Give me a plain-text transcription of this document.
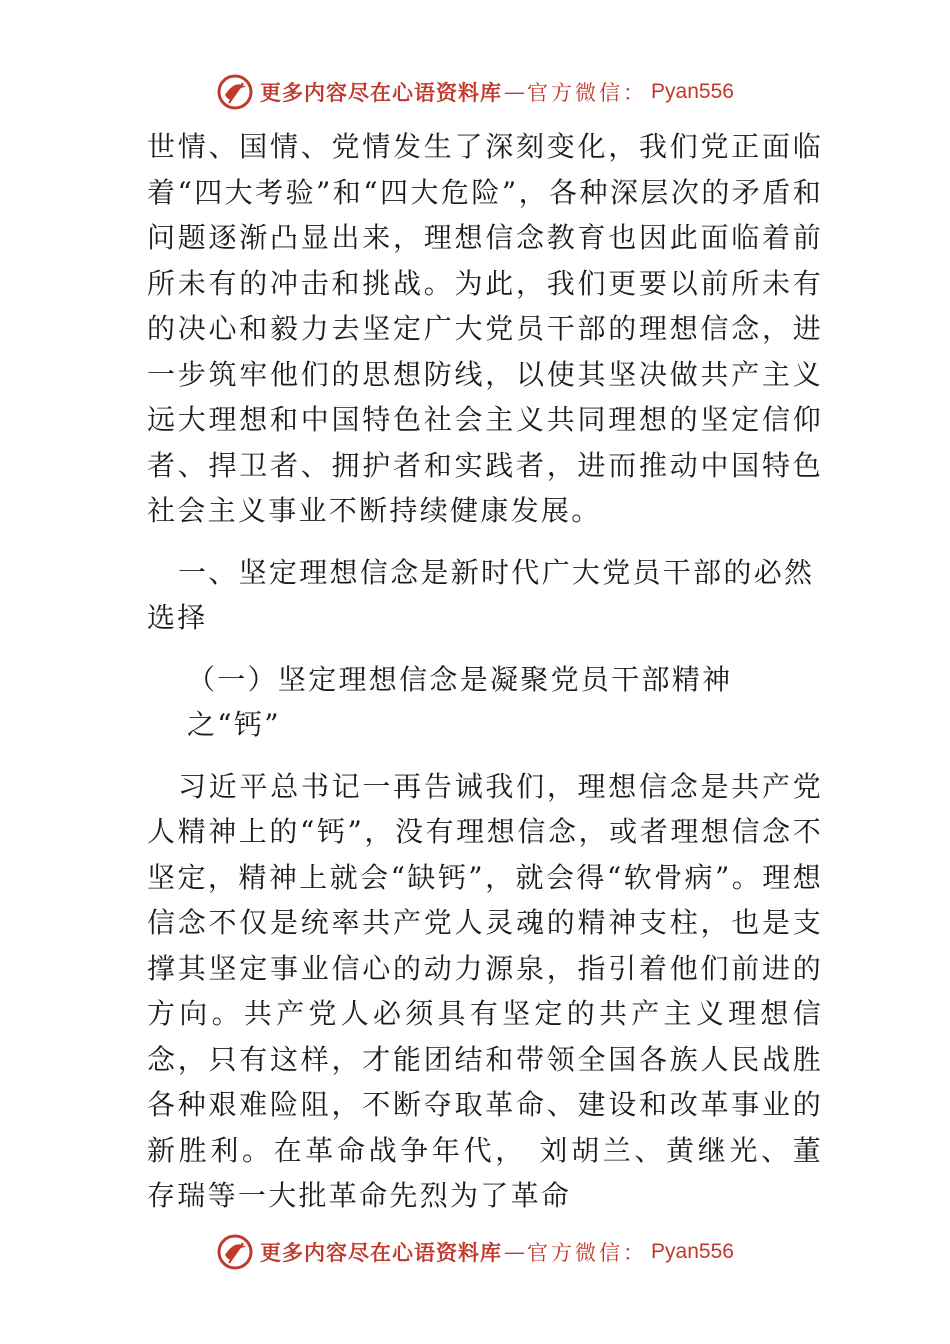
更多内容尽在心语资料库 — 官方微信： Pyan556

世情、国情、党情发生了深刻变化，我们党正面临着“四大考验”和“四大危险”，各种深层次的矛盾和问题逐渐凸显出来，理想信念教育也因此面临着前所未有的冲击和挑战。为此，我们更要以前所未有的决心和毅力去坚定广大党员干部的理想信念，进一步筑牢他们的思想防线，以使其坚决做共产主义远大理想和中国特色社会主义共同理想的坚定信仰者、捍卫者、拥护者和实践者，进而推动中国特色社会主义事业不断持续健康发展。

一、坚定理想信念是新时代广大党员干部的必然选择

（一）坚定理想信念是凝聚党员干部精神之“钙”

习近平总书记一再告诫我们，理想信念是共产党人精神上的“钙”，没有理想信念，或者理想信念不坚定，精神上就会“缺钙”，就会得“软骨病”。理想信念不仅是统率共产党人灵魂的精神支柱，也是支撑其坚定事业信心的动力源泉，指引着他们前进的方向。共产党人必须具有坚定的共产主义理想信念，只有这样，才能团结和带领全国各族人民战胜各种艰难险阻，不断夺取革命、建设和改革事业的新胜利。在革命战争年代， 刘胡兰、黄继光、董存瑞等一大批革命先烈为了革命

更多内容尽在心语资料库 — 官方微信： Pyan556
